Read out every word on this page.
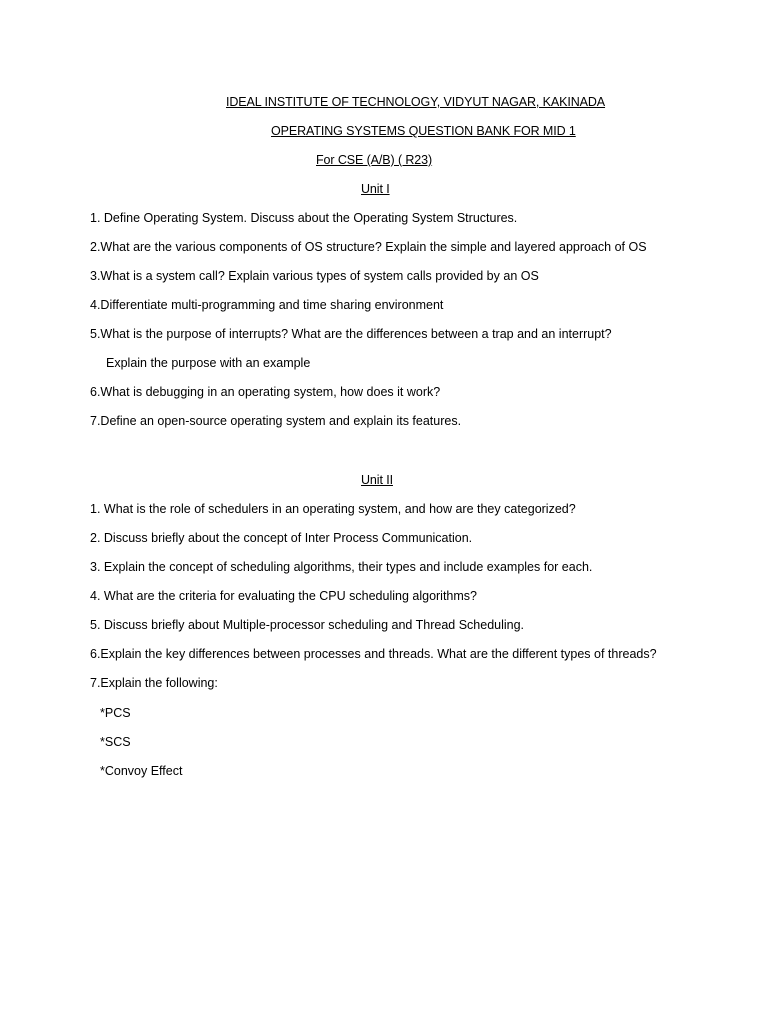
IDEAL INSTITUTE OF TECHNOLOGY, VIDYUT NAGAR, KAKINADA
OPERATING SYSTEMS QUESTION BANK FOR MID 1
For CSE (A/B) ( R23)
Unit I
1. Define Operating System. Discuss about the Operating System Structures.
2.What are the various components of OS structure? Explain the simple and layered approach of OS
3.What is a system call? Explain various types of system calls provided by an OS
4.Differentiate multi-programming and time sharing environment
5.What is the purpose of interrupts? What are the differences between a trap and an interrupt?
Explain the purpose with an example
6.What is debugging in an operating system, how does it work?
7.Define an open-source operating system and explain its features.
Unit II
1. What is the role of schedulers in an operating system, and how are they categorized?
2. Discuss briefly about the concept of Inter Process Communication.
3. Explain the concept of scheduling algorithms, their types and include examples for each.
4. What are the criteria for evaluating the CPU scheduling algorithms?
5. Discuss briefly about Multiple-processor scheduling and Thread Scheduling.
6.Explain the key differences between processes and threads. What are the different types of threads?
7.Explain the following:
*PCS
*SCS
*Convoy Effect
